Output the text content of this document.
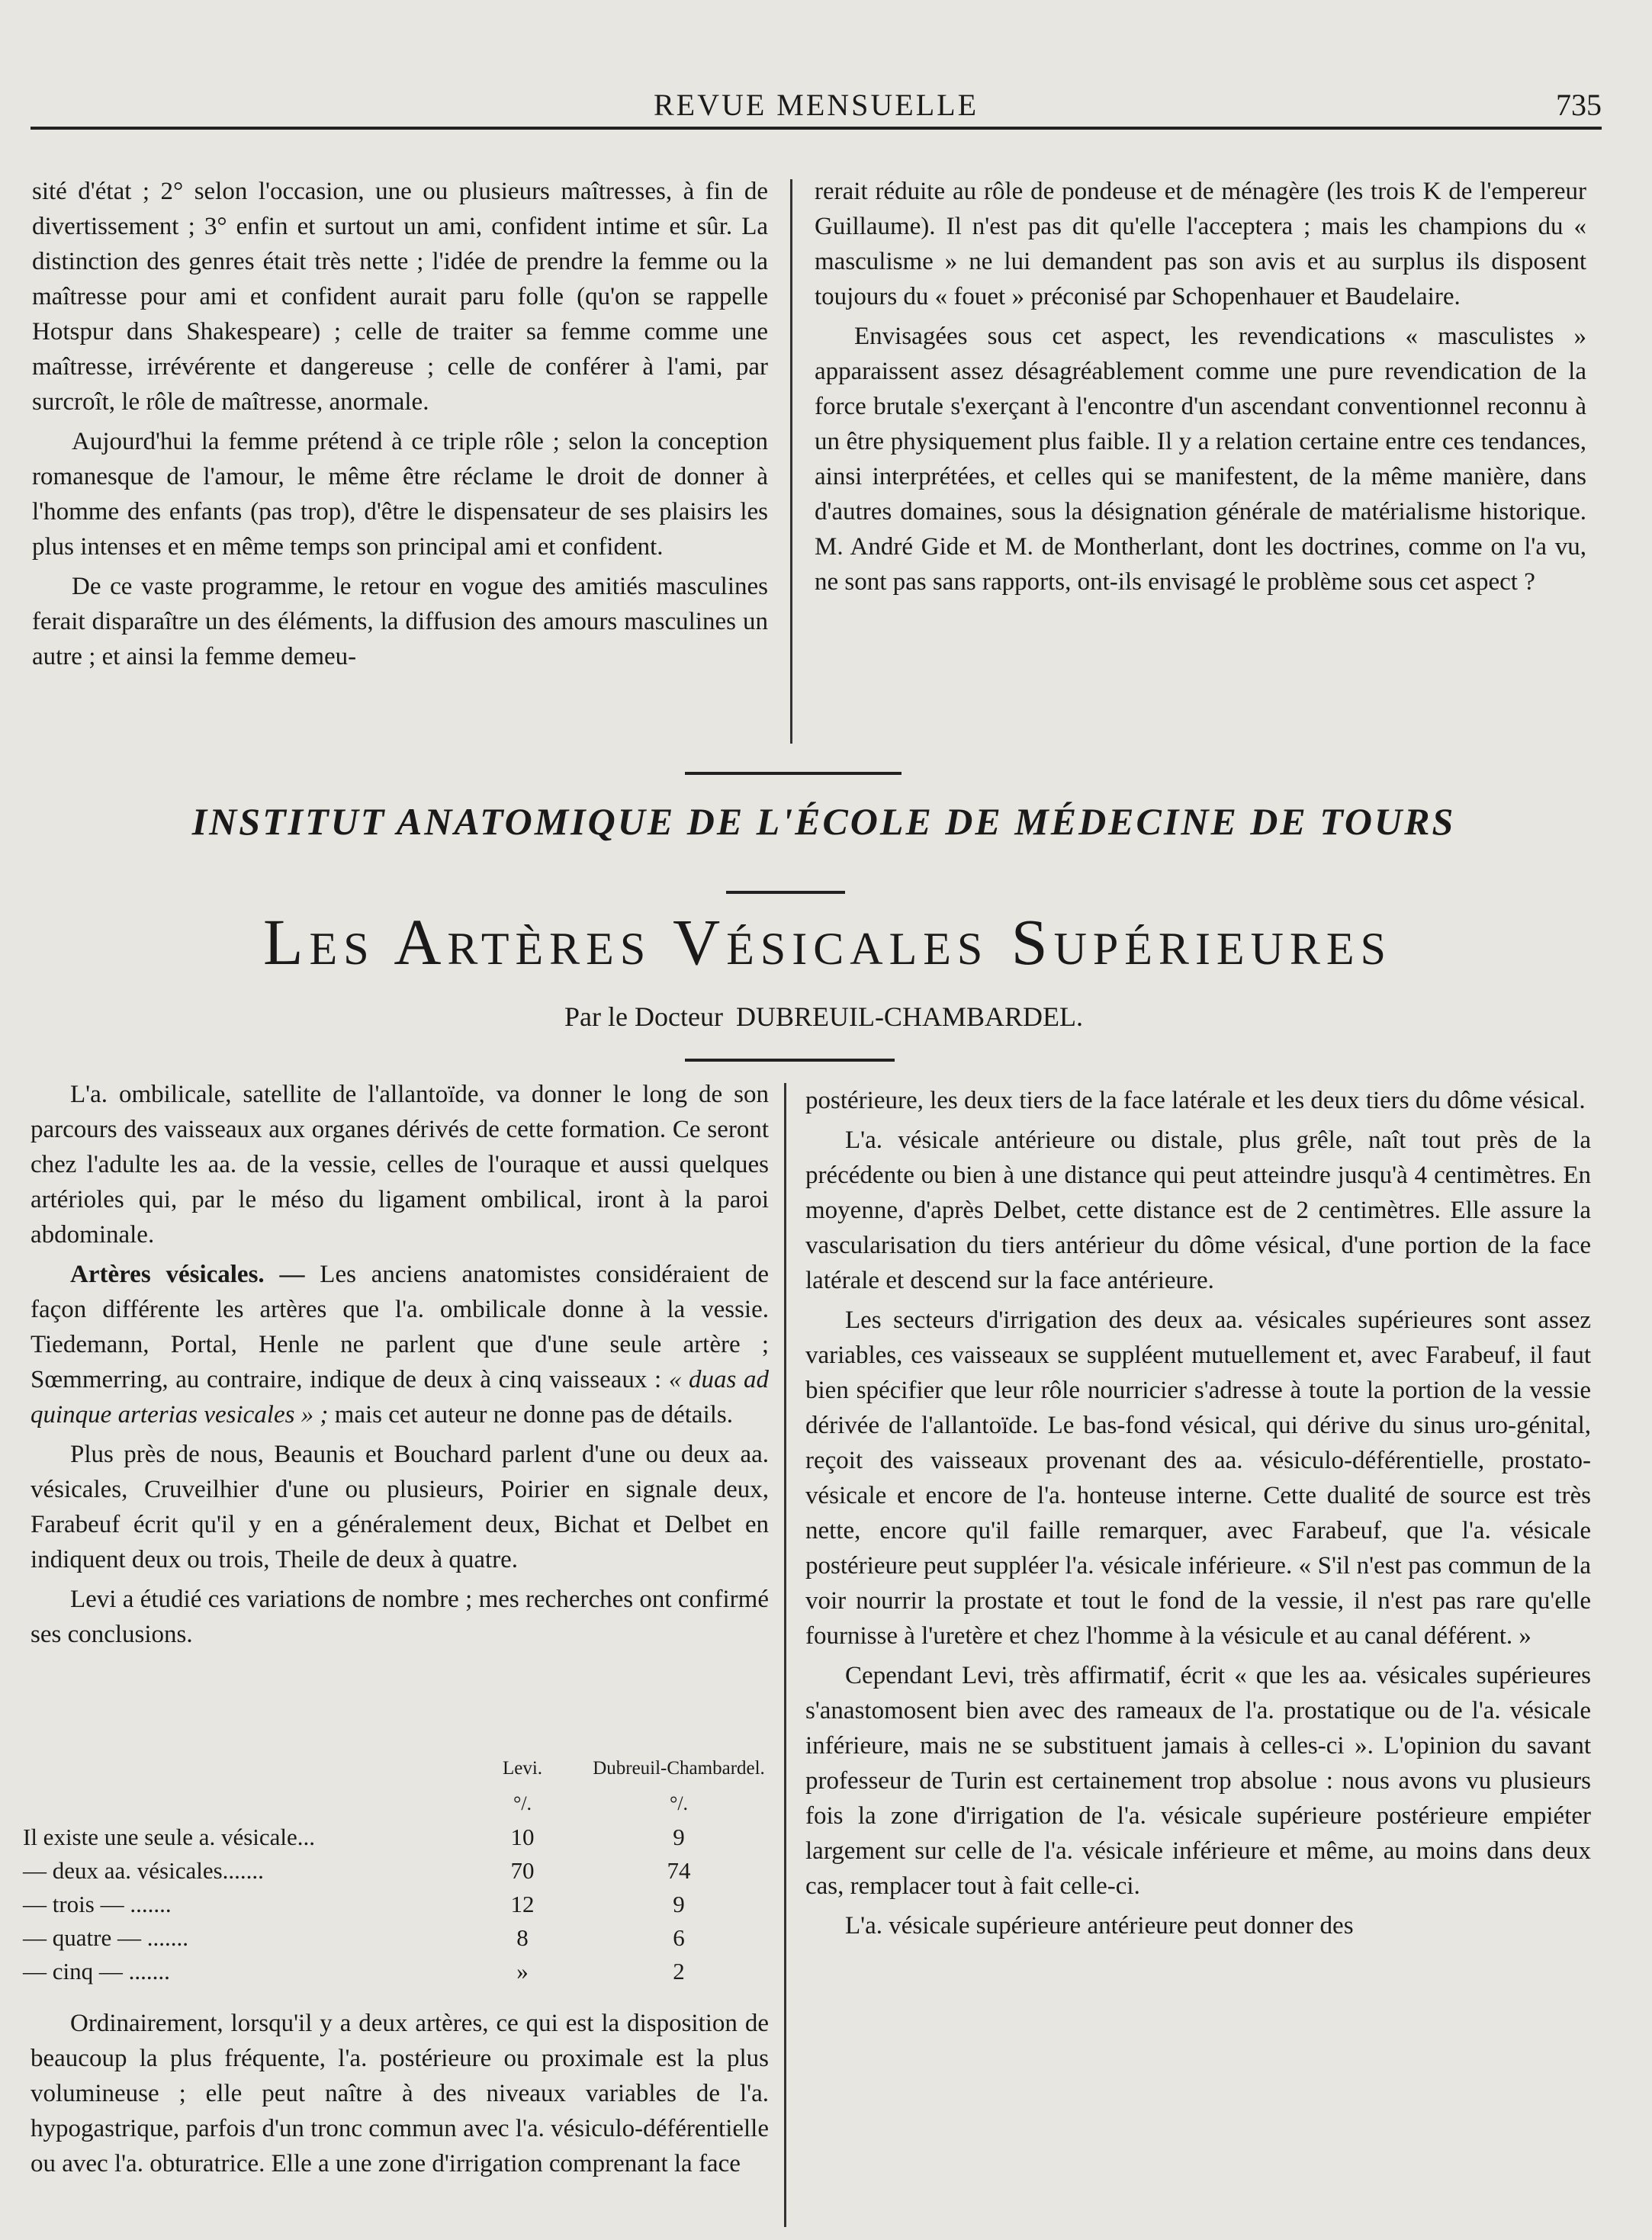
REVUE MENSUELLE	735

sité d'état ; 2° selon l'occasion, une ou plusieurs maîtresses, à fin de divertissement ; 3° enfin et surtout un ami, confident intime et sûr. La distinction des genres était très nette ; l'idée de prendre la femme ou la maîtresse pour ami et confident aurait paru folle (qu'on se rappelle Hotspur dans Shakespeare) ; celle de traiter sa femme comme une maîtresse, irrévérente et dangereuse ; celle de conférer à l'ami, par surcroît, le rôle de maîtresse, anormale.

Aujourd'hui la femme prétend à ce triple rôle ; selon la conception romanesque de l'amour, le même être réclame le droit de donner à l'homme des enfants (pas trop), d'être le dispensateur de ses plaisirs les plus intenses et en même temps son principal ami et confident.

De ce vaste programme, le retour en vogue des amitiés masculines ferait disparaître un des éléments, la diffusion des amours masculines un autre ; et ainsi la femme demeu-

rerait réduite au rôle de pondeuse et de ménagère (les trois K de l'empereur Guillaume). Il n'est pas dit qu'elle l'acceptera ; mais les champions du « masculisme » ne lui demandent pas son avis et au surplus ils disposent toujours du « fouet » préconisé par Schopenhauer et Baudelaire.

Envisagées sous cet aspect, les revendications « masculistes » apparaissent assez désagréablement comme une pure revendication de la force brutale s'exerçant à l'encontre d'un ascendant conventionnel reconnu à un être physiquement plus faible. Il y a relation certaine entre ces tendances, ainsi interprétées, et celles qui se manifestent, de la même manière, dans d'autres domaines, sous la désignation générale de matérialisme historique. M. André Gide et M. de Montherlant, dont les doctrines, comme on l'a vu, ne sont pas sans rapports, ont-ils envisagé le problème sous cet aspect ?

INSTITUT ANATOMIQUE DE L'ÉCOLE DE MÉDECINE DE TOURS
Les Artères Vésicales Supérieures
Par le Docteur DUBREUIL-CHAMBARDEL.

L'a. ombilicale, satellite de l'allantoïde, va donner le long de son parcours des vaisseaux aux organes dérivés de cette formation. Ce seront chez l'adulte les aa. de la vessie, celles de l'ouraque et aussi quelques artérioles qui, par le méso du ligament ombilical, iront à la paroi abdominale.

Artères vésicales. — Les anciens anatomistes considéraient de façon différente les artères que l'a. ombilicale donne à la vessie. Tiedemann, Portal, Henle ne parlent que d'une seule artère ; Sœmmerring, au contraire, indique de deux à cinq vaisseaux : « duas ad quinque arterias vesicales » ; mais cet auteur ne donne pas de détails.

Plus près de nous, Beaunis et Bouchard parlent d'une ou deux aa. vésicales, Cruveilhier d'une ou plusieurs, Poirier en signale deux, Farabeuf écrit qu'il y en a généralement deux, Bichat et Delbet en indiquent deux ou trois, Theile de deux à quatre.

Levi a étudié ces variations de nombre ; mes recherches ont confirmé ses conclusions.

	Levi.	Dubreuil-Chambardel.
	°/.	°/.
Il existe une seule a. vésicale...	10	9
— deux aa. vésicales.......	70	74
— trois — .......	12	9
— quatre — .......	8	6
— cinq — .......	»	2

Ordinairement, lorsqu'il y a deux artères, ce qui est la disposition de beaucoup la plus fréquente, l'a. postérieure ou proximale est la plus volumineuse ; elle peut naître à des niveaux variables de l'a. hypogastrique, parfois d'un tronc commun avec l'a. vésiculo-déférentielle ou avec l'a. obturatrice. Elle a une zone d'irrigation comprenant la face

postérieure, les deux tiers de la face latérale et les deux tiers du dôme vésical.

L'a. vésicale antérieure ou distale, plus grêle, naît tout près de la précédente ou bien à une distance qui peut atteindre jusqu'à 4 centimètres. En moyenne, d'après Delbet, cette distance est de 2 centimètres. Elle assure la vascularisation du tiers antérieur du dôme vésical, d'une portion de la face latérale et descend sur la face antérieure.

Les secteurs d'irrigation des deux aa. vésicales supérieures sont assez variables, ces vaisseaux se suppléent mutuellement et, avec Farabeuf, il faut bien spécifier que leur rôle nourricier s'adresse à toute la portion de la vessie dérivée de l'allantoïde. Le bas-fond vésical, qui dérive du sinus uro-génital, reçoit des vaisseaux provenant des aa. vésiculo-déférentielle, prostato-vésicale et encore de l'a. honteuse interne. Cette dualité de source est très nette, encore qu'il faille remarquer, avec Farabeuf, que l'a. vésicale postérieure peut suppléer l'a. vésicale inférieure. « S'il n'est pas commun de la voir nourrir la prostate et tout le fond de la vessie, il n'est pas rare qu'elle fournisse à l'uretère et chez l'homme à la vésicule et au canal déférent. »

Cependant Levi, très affirmatif, écrit « que les aa. vésicales supérieures s'anastomosent bien avec des rameaux de l'a. prostatique ou de l'a. vésicale inférieure, mais ne se substituent jamais à celles-ci ». L'opinion du savant professeur de Turin est certainement trop absolue : nous avons vu plusieurs fois la zone d'irrigation de l'a. vésicale supérieure postérieure empiéter largement sur celle de l'a. vésicale inférieure et même, au moins dans deux cas, remplacer tout à fait celle-ci.

L'a. vésicale supérieure antérieure peut donner des
